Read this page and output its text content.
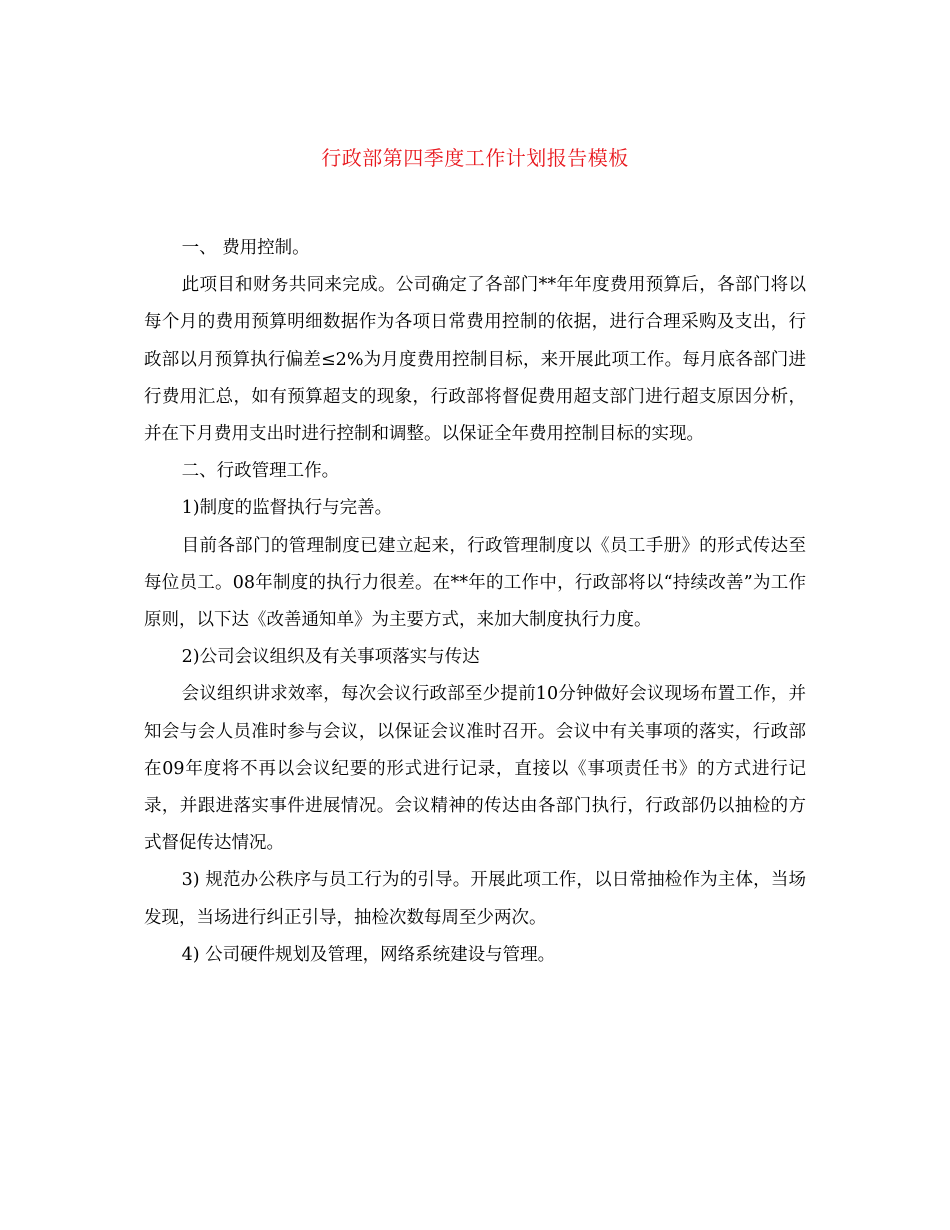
行政部第四季度工作计划报告模板

一、 费用控制。

此项目和财务共同来完成。公司确定了各部门**年年度费用预算后，各部门将以每个月的费用预算明细数据作为各项日常费用控制的依据，进行合理采购及支出，行政部以月预算执行偏差≤2%为月度费用控制目标，来开展此项工作。每月底各部门进行费用汇总，如有预算超支的现象，行政部将督促费用超支部门进行超支原因分析， 并在下月费用支出时进行控制和调整。以保证全年费用控制目标的实现。

二、行政管理工作。

1)制度的监督执行与完善。

目前各部门的管理制度已建立起来，行政管理制度以《员工手册》的形式传达至每位员工。08年制度的执行力很差。在**年的工作中，行政部将以“持续改善”为工作原则，以下达《改善通知单》为主要方式，来加大制度执行力度。

2)公司会议组织及有关事项落实与传达

会议组织讲求效率，每次会议行政部至少提前10分钟做好会议现场布置工作，并知会与会人员准时参与会议，以保证会议准时召开。会议中有关事项的落实，行政部在09年度将不再以会议纪要的形式进行记录，直接以《事项责任书》的方式进行记录，并跟进落实事件进展情况。会议精神的传达由各部门执行，行政部仍以抽检的方式督促传达情况。

3) 规范办公秩序与员工行为的引导。开展此项工作，以日常抽检作为主体，当场发现，当场进行纠正引导，抽检次数每周至少两次。

4) 公司硬件规划及管理，网络系统建设与管理。
